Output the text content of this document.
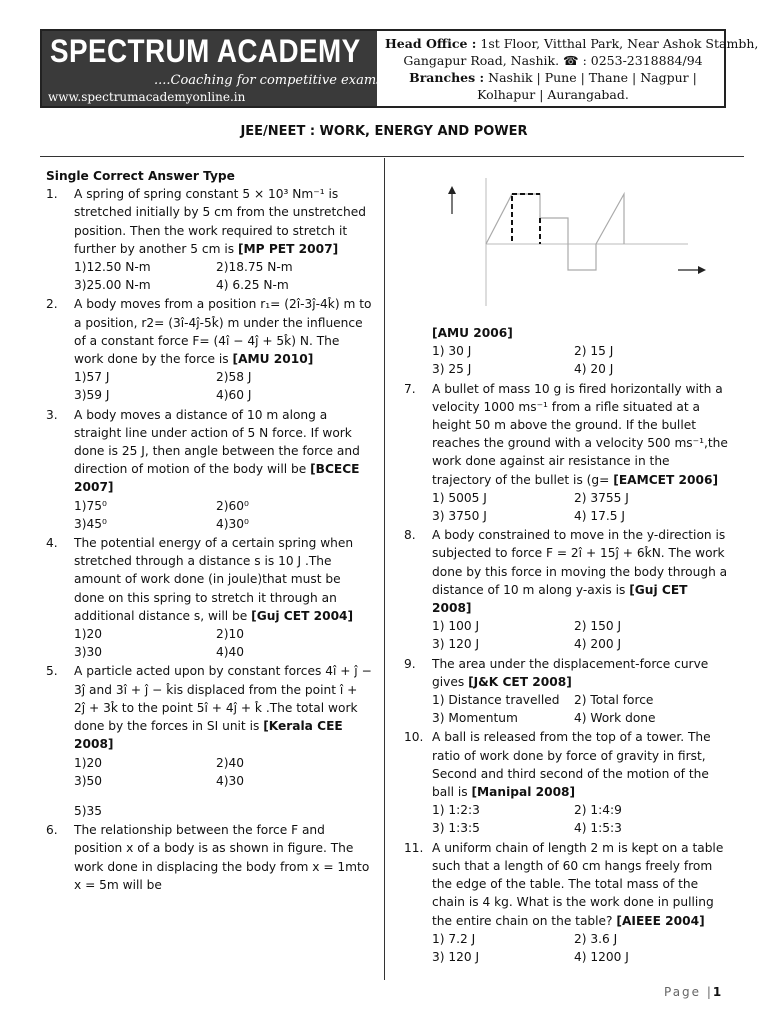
SPECTRUM ACADEMY
....Coaching for competitive exams
www.spectrumacademyonline.in
Head Office : 1st Floor, Vitthal Park, Near Ashok Stambh,
Gangapur Road, Nashik. ☎ : 0253-2318884/94
Branches : Nashik | Pune | Thane | Nagpur |
Kolhapur | Aurangabad.
JEE/NEET : WORK, ENERGY AND POWER
Single Correct Answer Type
1.	A spring of spring constant 5 × 10³ Nm⁻¹ is stretched initially by 5 cm from the unstretched position. Then the work required to stretch it further by another 5 cm is [MP PET 2007]
1)12.50 N-m	2)18.75 N-m
3)25.00 N-m	4) 6.25 N-m
2.	A body moves from a position r₁= (2î-3ĵ-4k̂) m to a position, r2= (3î-4ĵ-5k̂) m under the influence of a constant force F= (4î − 4ĵ + 5k̂) N. The work done by the force is [AMU 2010]
1)57 J	2)58 J
3)59 J	4)60 J
3.	A body moves a distance of 10 m along a straight line under action of 5 N force. If work done is 25 J, then angle between the force and direction of motion of the body will be [BCECE 2007]
1)75⁰	2)60⁰
3)45⁰	4)30⁰
4.	The potential energy of a certain spring when stretched through a distance s is 10 J .The amount of work done (in joule)that must be done on this spring to stretch it through an additional distance s, will be [Guj CET 2004]
1)20	2)10
3)30	4)40
5.	A particle acted upon by constant forces 4î + ĵ − 3ĵ and 3î + ĵ − k̂is displaced from the point î + 2ĵ + 3k̂ to the point 5î + 4ĵ + k̂ .The total work done by the forces in SI unit is [Kerala CEE 2008]
1)20	2)40
3)50	4)30
5)35
6.	The relationship between the force F and position x of a body is as shown in figure. The work done in displacing the body from x = 1mto x = 5m will be
[AMU 2006]
1) 30 J	2) 15 J
3) 25 J	4) 20 J
7.	A bullet of mass 10 g is fired horizontally with a velocity 1000 ms⁻¹ from a rifle situated at a height 50 m above the ground. If the bullet reaches the ground with a velocity 500 ms⁻¹,the work done against air resistance in the trajectory of the bullet is (g= [EAMCET 2006]
1) 5005 J	2) 3755 J
3) 3750 J	4) 17.5 J
8.	A body constrained to move in the y-direction is subjected to force F = 2î + 15ĵ + 6k̂N. The work done by this force in moving the body through a distance of 10 m along y-axis is [Guj CET 2008]
1) 100 J	2) 150 J
3) 120 J	4) 200 J
9.	The area under the displacement-force curve gives [J&K CET 2008]
1) Distance travelled	2) Total force
3) Momentum	4) Work done
10. A ball is released from the top of a tower. The ratio of work done by force of gravity in first, Second and third second of the motion of the ball is [Manipal 2008]
1) 1:2:3	2) 1:4:9
3) 1:3:5	4) 1:5:3
11. A uniform chain of length 2 m is kept on a table such that a length of 60 cm hangs freely from the edge of the table. The total mass of the chain is 4 kg. What is the work done in pulling the entire chain on the table? [AIEEE 2004]
1) 7.2 J	2) 3.6 J
3) 120 J	4) 1200 J
Page |1
